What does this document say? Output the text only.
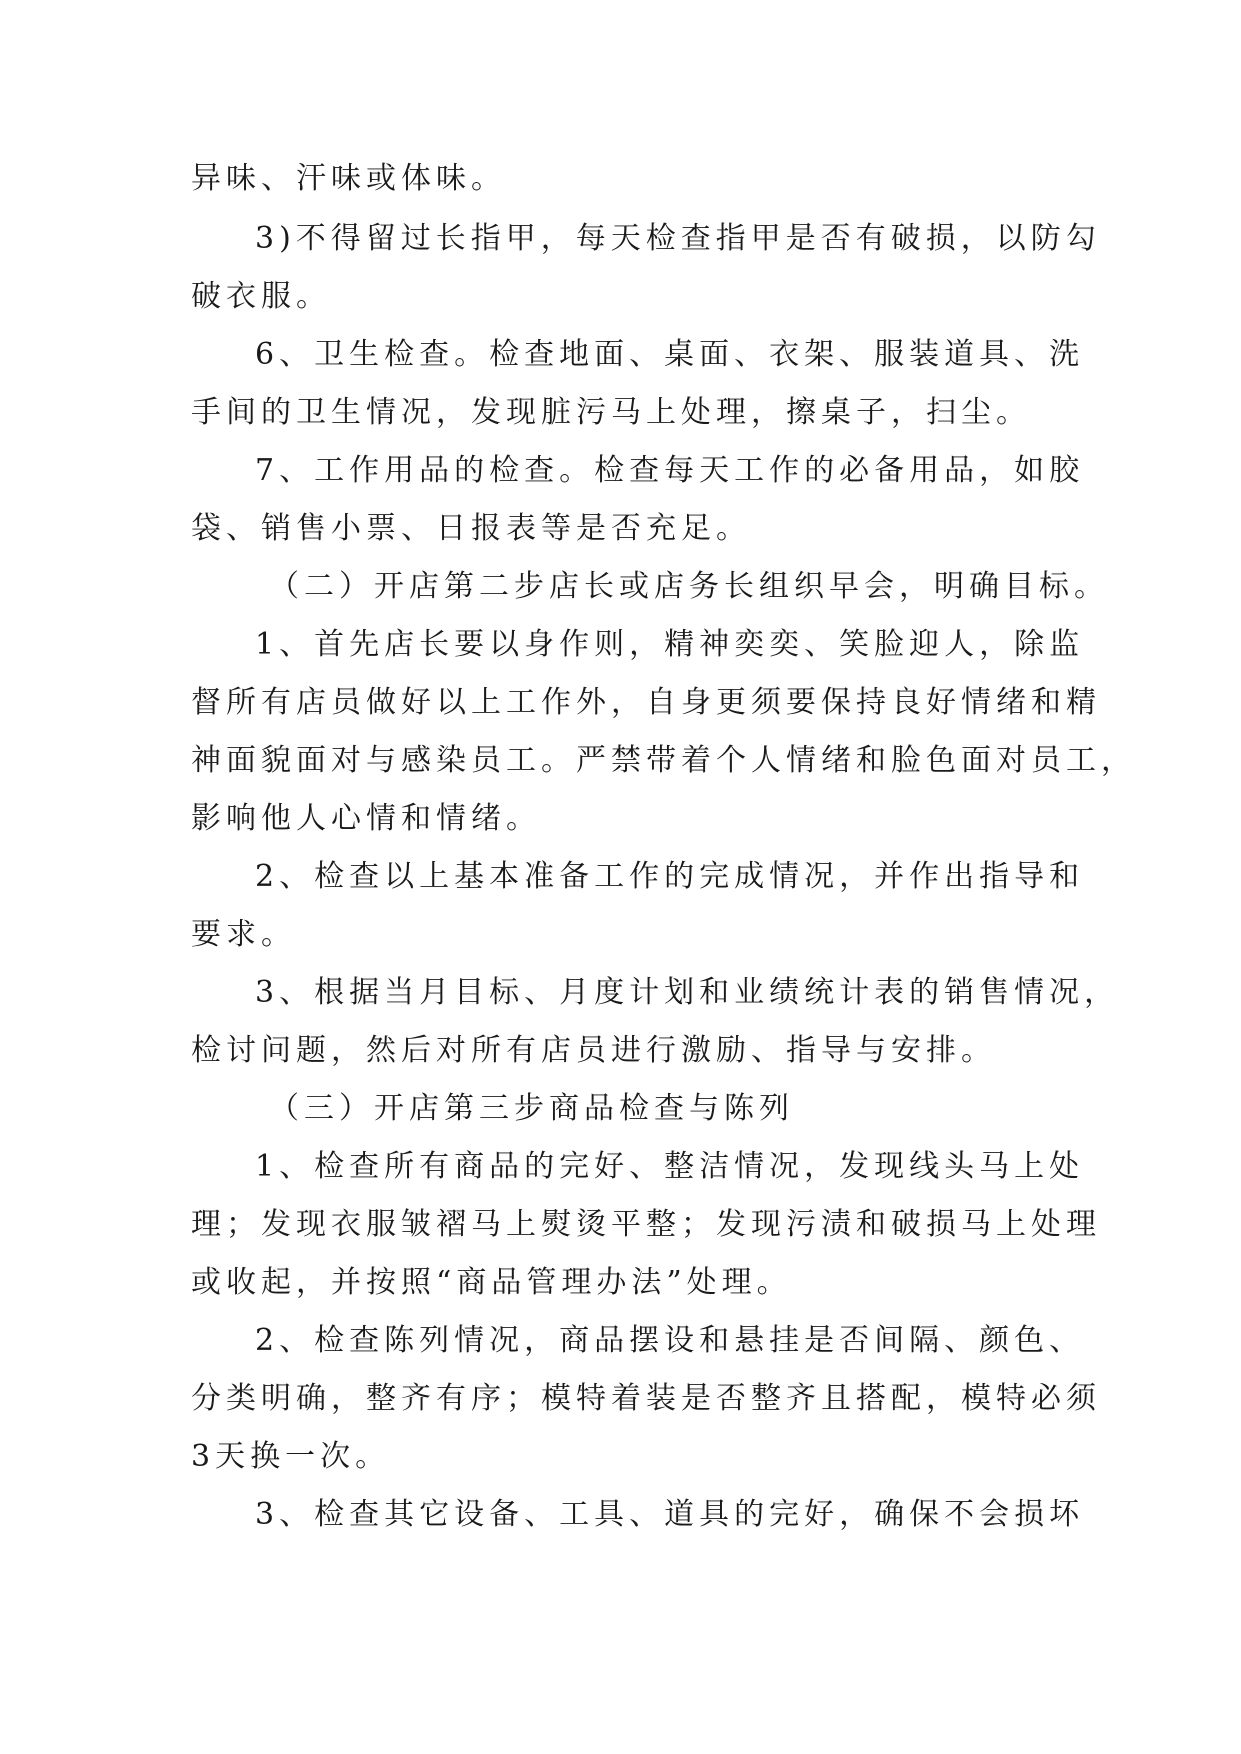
异味、汗味或体味。

3)不得留过长指甲，每天检查指甲是否有破损，以防勾

破衣服。

6、卫生检查。检查地面、桌面、衣架、服装道具、洗

手间的卫生情况，发现脏污马上处理，擦桌子，扫尘。

7、工作用品的检查。检查每天工作的必备用品，如胶

袋、销售小票、日报表等是否充足。

（二）开店第二步店长或店务长组织早会，明确目标。

1、首先店长要以身作则，精神奕奕、笑脸迎人，除监

督所有店员做好以上工作外，自身更须要保持良好情绪和精

神面貌面对与感染员工。严禁带着个人情绪和脸色面对员工，

影响他人心情和情绪。

2、检查以上基本准备工作的完成情况，并作出指导和

要求。

3、根据当月目标、月度计划和业绩统计表的销售情况，

检讨问题，然后对所有店员进行激励、指导与安排。

（三）开店第三步商品检查与陈列

1、检查所有商品的完好、整洁情况，发现线头马上处

理；发现衣服皱褶马上熨烫平整；发现污渍和破损马上处理

或收起，并按照“商品管理办法”处理。

2、检查陈列情况，商品摆设和悬挂是否间隔、颜色、

分类明确，整齐有序；模特着装是否整齐且搭配，模特必须

3天换一次。

3、检查其它设备、工具、道具的完好，确保不会损坏
